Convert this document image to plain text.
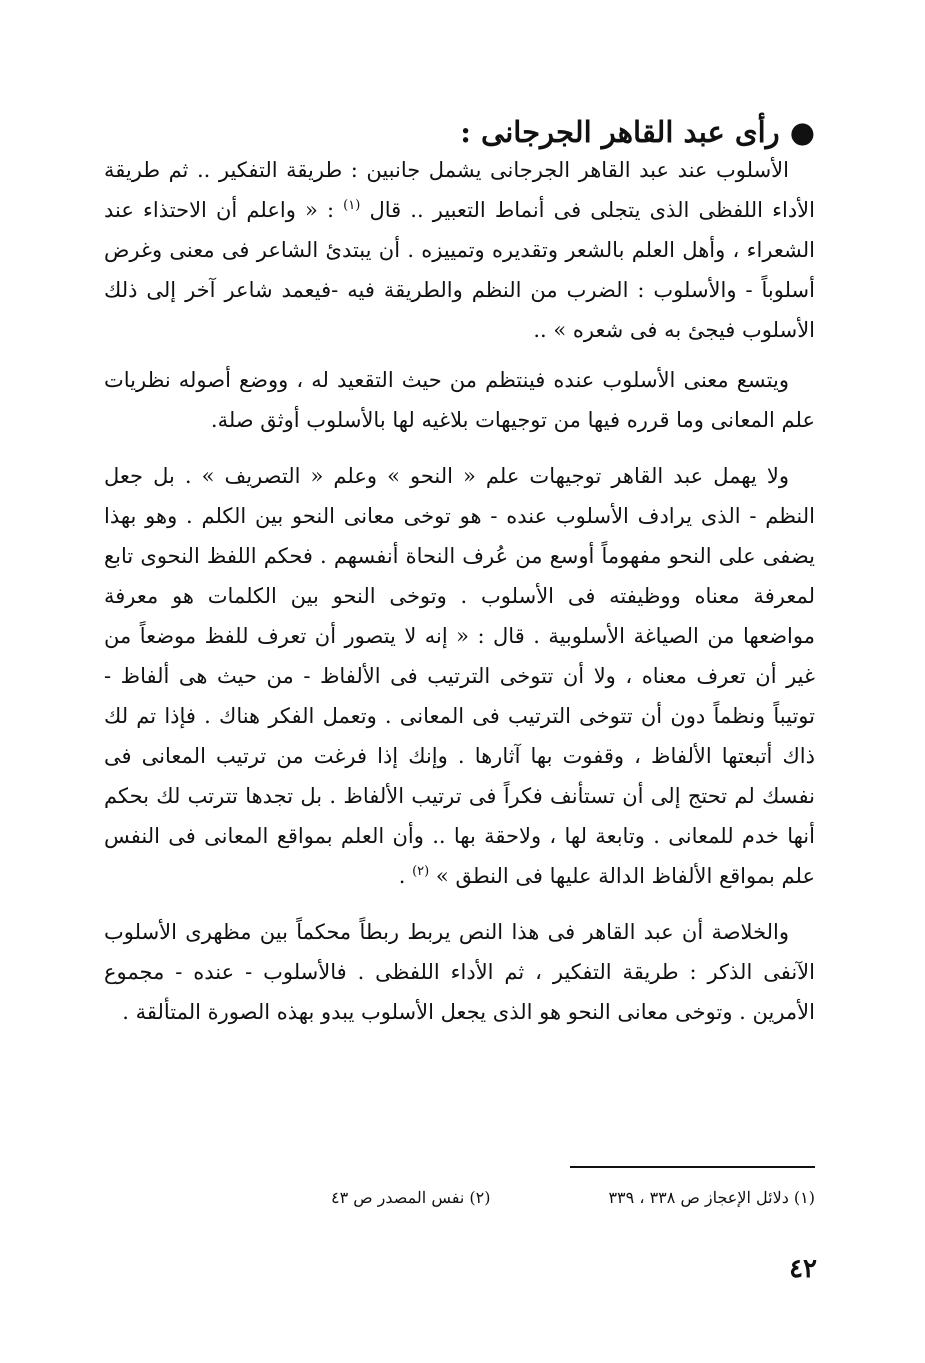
●رأى عبد القاهر الجرجانى :

الأسلوب عند عبد القاهر الجرجانى يشمل جانبين : طريقة التفكير .. ثم طريقة الأداء اللفظى الذى يتجلى فى أنماط التعبير .. قال $^{(١)}$ : « واعلم أن الاحتذاء عند الشعراء ، وأهل العلم بالشعر وتقديره وتمييزه . أن يبتدئ الشاعر فى معنى وغرض أسلوباً - والأسلوب : الضرب من النظم والطريقة فيه -فيعمد شاعر آخر إلى ذلك الأسلوب فيجئ به فى شعره » ..

ويتسع معنى الأسلوب عنده فينتظم من حيث التقعيد له ، ووضع أصوله نظريات علم المعانى وما قرره فيها من توجيهات بلاغيه لها بالأسلوب أوثق صلة.

ولا يهمل عبد القاهر توجيهات علم « النحو » وعلم « التصريف » . بل جعل النظم - الذى يرادف الأسلوب عنده - هو توخى معانى النحو بين الكلم . وهو بهذا يضفى على النحو مفهوماً أوسع من عُرف النحاة أنفسهم . فحكم اللفظ النحوى تابع لمعرفة معناه ووظيفته فى الأسلوب . وتوخى النحو بين الكلمات هو معرفة مواضعها من الصياغة الأسلوبية . قال : « إنه لا يتصور أن تعرف للفظ موضعاً من غير أن تعرف معناه ، ولا أن تتوخى الترتيب فى الألفاظ - من حيث هى ألفاظ - توتيباً ونظماً دون أن تتوخى الترتيب فى المعانى . وتعمل الفكر هناك . فإذا تم لك ذاك أتبعتها الألفاظ ، وقفوت بها آثارها . وإنك إذا فرغت من ترتيب المعانى فى نفسك لم تحتج إلى أن تستأنف فكراً فى ترتيب الألفاظ . بل تجدها تترتب لك بحكم أنها خدم للمعانى . وتابعة لها ، ولاحقة بها .. وأن العلم بمواقع المعانى فى النفس علم بمواقع الألفاظ الدالة عليها فى النطق » $^{(٢)}$ .

والخلاصة أن عبد القاهر فى هذا النص يربط ربطاً محكماً بين مظهرى الأسلوب الآنفى الذكر : طريقة التفكير ، ثم الأداء اللفظى . فالأسلوب - عنده - مجموع الأمرين . وتوخى معانى النحو هو الذى يجعل الأسلوب يبدو بهذه الصورة المتألقة .

(١) دلائل الإعجاز ص ٣٣٨ ، ٣٣٩
(٢) نفس المصدر ص ٤٣
٤٢
